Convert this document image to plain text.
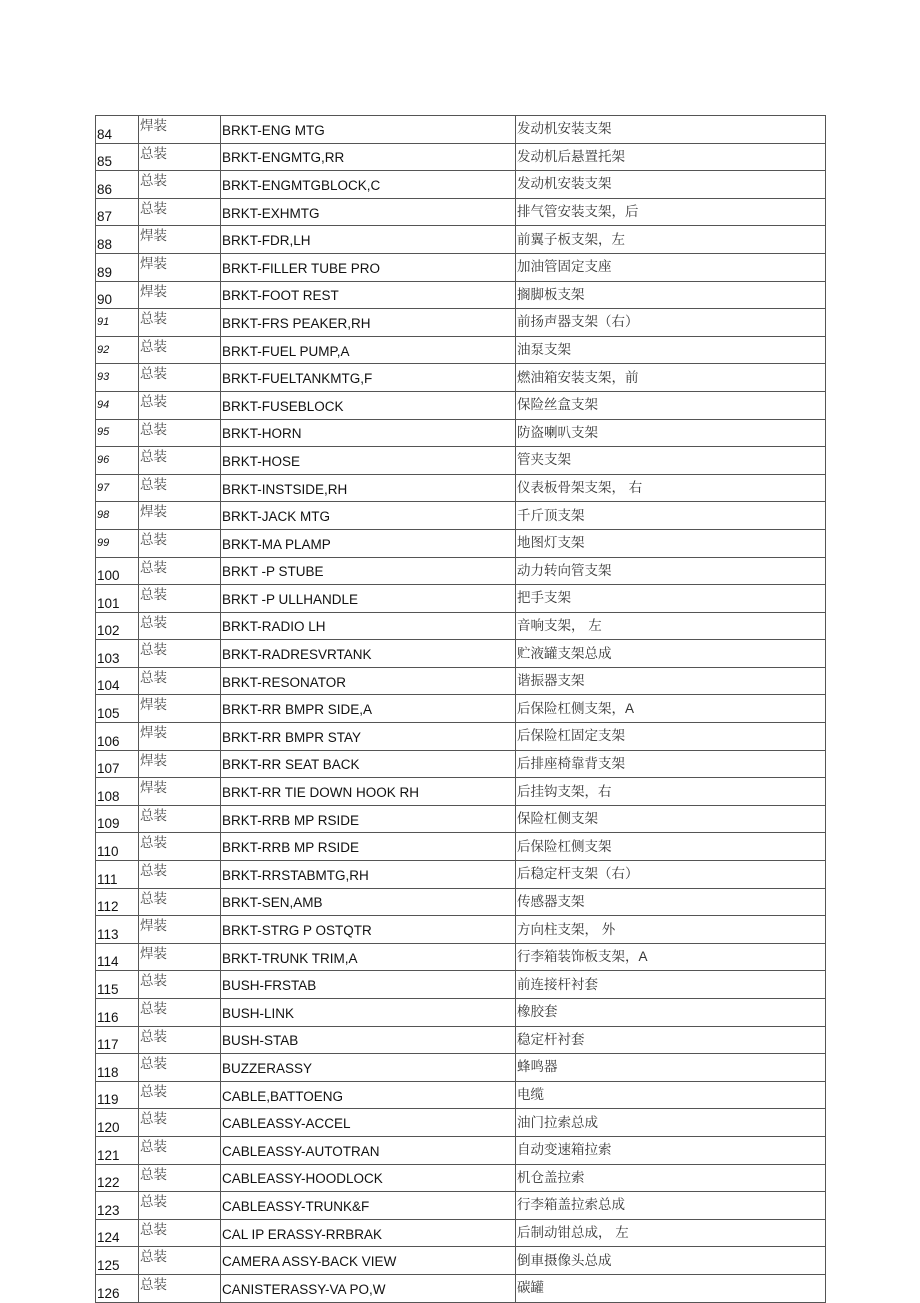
84	焊装	BRKT-ENG MTG	发动机安装支架
85	总装	BRKT-ENGMTG,RR	发动机后悬置托架
86	总装	BRKT-ENGMTGBLOCK,C	发动机安装支架
87	总装	BRKT-EXHMTG	排气管安装支架，后
88	焊装	BRKT-FDR,LH	前翼子板支架，左
89	焊装	BRKT-FILLER TUBE PRO	加油管固定支座
90	焊装	BRKT-FOOT REST	搁脚板支架
91	总装	BRKT-FRS PEAKER,RH	前扬声器支架（右）
92	总装	BRKT-FUEL PUMP,A	油泵支架
93	总装	BRKT-FUELTANKMTG,F	燃油箱安装支架，前
94	总装	BRKT-FUSEBLOCK	保险丝盒支架
95	总装	BRKT-HORN	防盗喇叭支架
96	总装	BRKT-HOSE	管夹支架
97	总装	BRKT-INSTSIDE,RH	仪表板骨架支架， 右
98	焊装	BRKT-JACK MTG	千斤顶支架
99	总装	BRKT-MA PLAMP	地图灯支架
100	总装	BRKT -P STUBE	动力转向管支架
101	总装	BRKT -P ULLHANDLE	把手支架
102	总装	BRKT-RADIO LH	音响支架， 左
103	总装	BRKT-RADRESVRTANK	贮液罐支架总成
104	总装	BRKT-RESONATOR	谐振器支架
105	焊装	BRKT-RR BMPR SIDE,A	后保险杠侧支架，A
106	焊装	BRKT-RR BMPR STAY	后保险杠固定支架
107	焊装	BRKT-RR SEAT BACK	后排座椅靠背支架
108	焊装	BRKT-RR TIE DOWN HOOK RH	后挂钩支架，右
109	总装	BRKT-RRB MP RSIDE	保险杠侧支架
110	总装	BRKT-RRB MP RSIDE	后保险杠侧支架
111	总装	BRKT-RRSTABMTG,RH	后稳定杆支架（右）
112	总装	BRKT-SEN,AMB	传感器支架
113	焊装	BRKT-STRG P OSTQTR	方向柱支架， 外
114	焊装	BRKT-TRUNK TRIM,A	行李箱装饰板支架，A
115	总装	BUSH-FRSTAB	前连接杆衬套
116	总装	BUSH-LINK	橡胶套
117	总装	BUSH-STAB	稳定杆衬套
118	总装	BUZZERASSY	蜂鸣器
119	总装	CABLE,BATTOENG	电缆
120	总装	CABLEASSY-ACCEL	油门拉索总成
121	总装	CABLEASSY-AUTOTRAN	自动变速箱拉索
122	总装	CABLEASSY-HOODLOCK	机仓盖拉索
123	总装	CABLEASSY-TRUNK&F	行李箱盖拉索总成
124	总装	CAL IP ERASSY-RRBRAK	后制动钳总成， 左
125	总装	CAMERA ASSY-BACK VIEW	倒車摄像头总成
126	总装	CANISTERASSY-VA PO,W	碳罐
